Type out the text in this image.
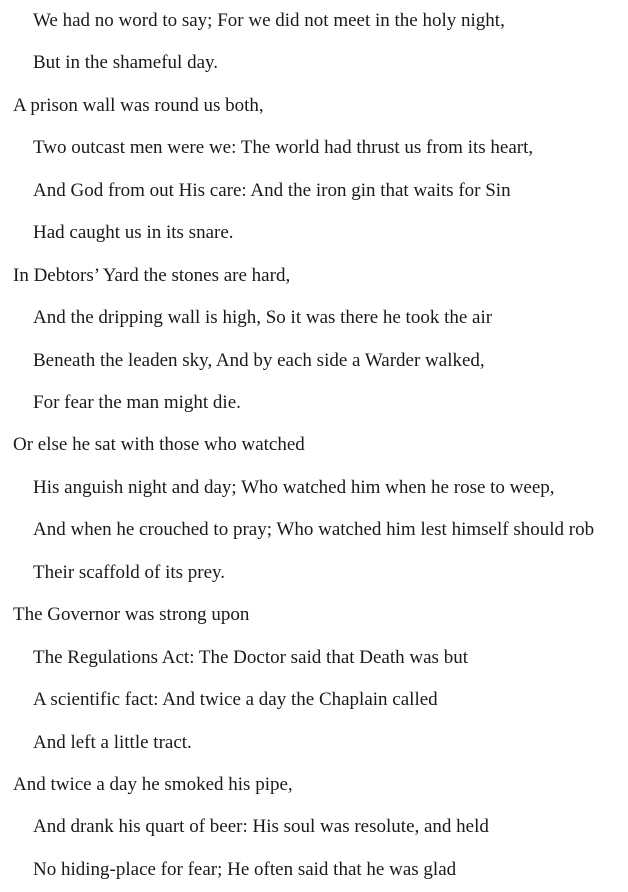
We had no word to say; For we did not meet in the holy night,
But in the shameful day.
A prison wall was round us both,
Two outcast men were we: The world had thrust us from its heart,
And God from out His care: And the iron gin that waits for Sin
Had caught us in its snare.
In Debtors’ Yard the stones are hard,
And the dripping wall is high, So it was there he took the air
Beneath the leaden sky, And by each side a Warder walked,
For fear the man might die.
Or else he sat with those who watched
His anguish night and day; Who watched him when he rose to weep,
And when he crouched to pray; Who watched him lest himself should rob
Their scaffold of its prey.
The Governor was strong upon
The Regulations Act: The Doctor said that Death was but
A scientific fact: And twice a day the Chaplain called
And left a little tract.
And twice a day he smoked his pipe,
And drank his quart of beer: His soul was resolute, and held
No hiding-place for fear; He often said that he was glad
